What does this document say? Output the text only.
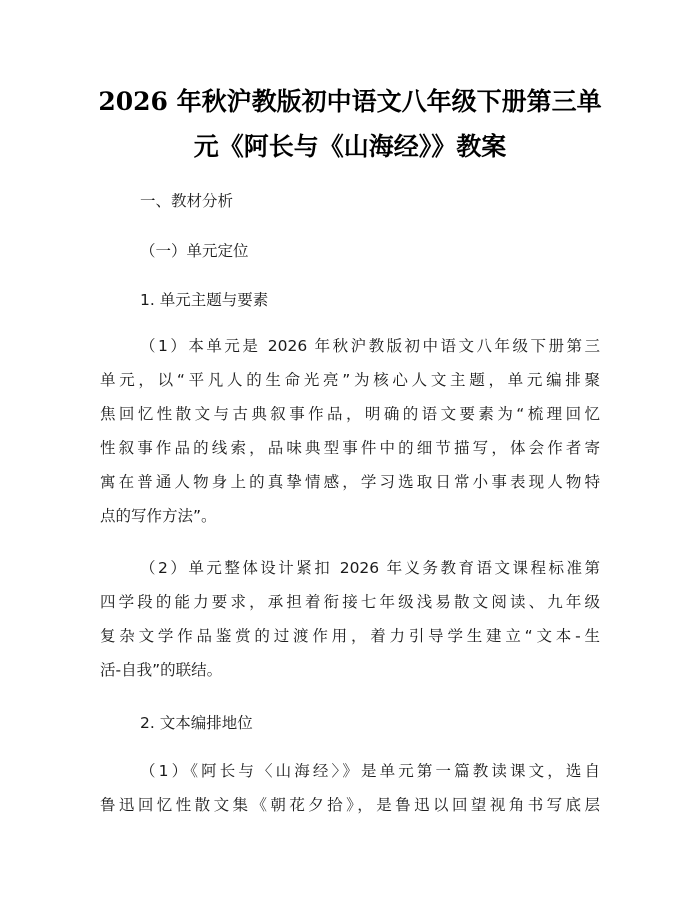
2026 年秋沪教版初中语文八年级下册第三单
元《阿长与《山海经》》教案
一、教材分析
（一）单元定位
1. 单元主题与要素
（1）本单元是 2026 年秋沪教版初中语文八年级下册第三
单元，以“平凡人的生命光亮”为核心人文主题，单元编排聚
焦回忆性散文与古典叙事作品，明确的语文要素为“梳理回忆
性叙事作品的线索，品味典型事件中的细节描写，体会作者寄
寓在普通人物身上的真挚情感，学习选取日常小事表现人物特
点的写作方法”。
（2）单元整体设计紧扣 2026 年义务教育语文课程标准第
四学段的能力要求，承担着衔接七年级浅易散文阅读、九年级
复杂文学作品鉴赏的过渡作用，着力引导学生建立“文本-生
活-自我”的联结。
2. 文本编排地位
（1）《阿长与〈山海经〉》是单元第一篇教读课文，选自
鲁迅回忆性散文集《朝花夕拾》，是鲁迅以回望视角书写底层
